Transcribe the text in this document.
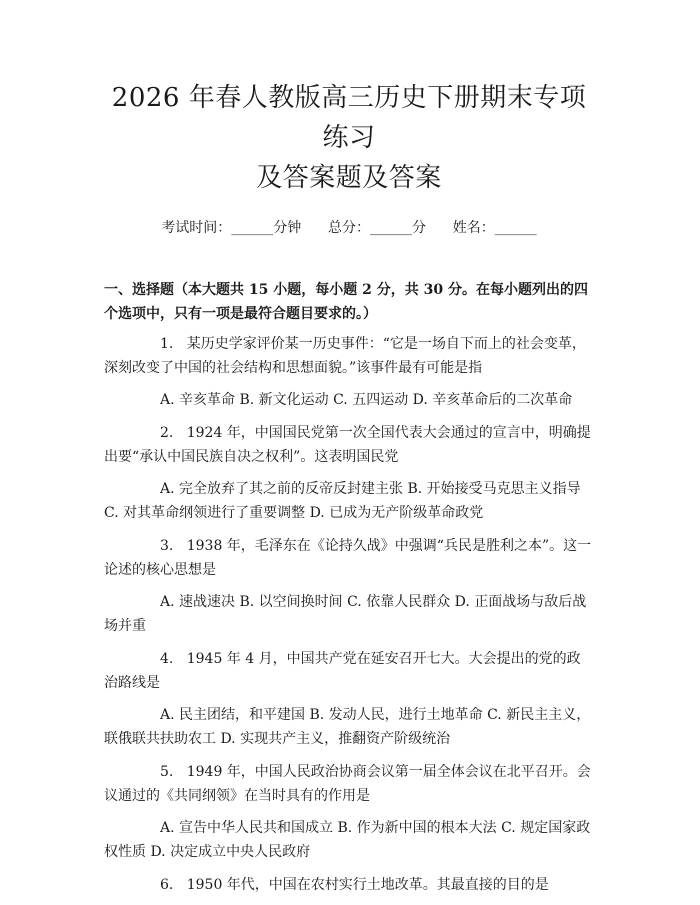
2026 年春人教版高三历史下册期末专项练习
及答案题及答案
考试时间：______分钟      总分：______分      姓名：______
一、选择题（本大题共 15 小题，每小题 2 分，共 30 分。在每小题列出的四个选项中，只有一项是最符合题目要求的。）

1. 某历史学家评价某一历史事件：“它是一场自下而上的社会变革，深刻改变了中国的社会结构和思想面貌。”该事件最有可能是指

A. 辛亥革命 B. 新文化运动 C. 五四运动 D. 辛亥革命后的二次革命

2. 1924 年，中国国民党第一次全国代表大会通过的宣言中，明确提出要“承认中国民族自决之权利”。这表明国民党

A. 完全放弃了其之前的反帝反封建主张 B. 开始接受马克思主义指导 C. 对其革命纲领进行了重要调整 D. 已成为无产阶级革命政党

3. 1938 年，毛泽东在《论持久战》中强调“兵民是胜利之本”。这一论述的核心思想是

A. 速战速决 B. 以空间换时间 C. 依靠人民群众 D. 正面战场与敌后战场并重

4. 1945 年 4 月，中国共产党在延安召开七大。大会提出的党的政治路线是

A. 民主团结，和平建国 B. 发动人民，进行土地革命 C. 新民主主义，联俄联共扶助农工 D. 实现共产主义，推翻资产阶级统治

5. 1949 年，中国人民政治协商会议第一届全体会议在北平召开。会议通过的《共同纲领》在当时具有的作用是

A. 宣告中华人民共和国成立 B. 作为新中国的根本大法 C. 规定国家政权性质 D. 决定成立中央人民政府

6. 1950 年代，中国在农村实行土地改革。其最直接的目的是
